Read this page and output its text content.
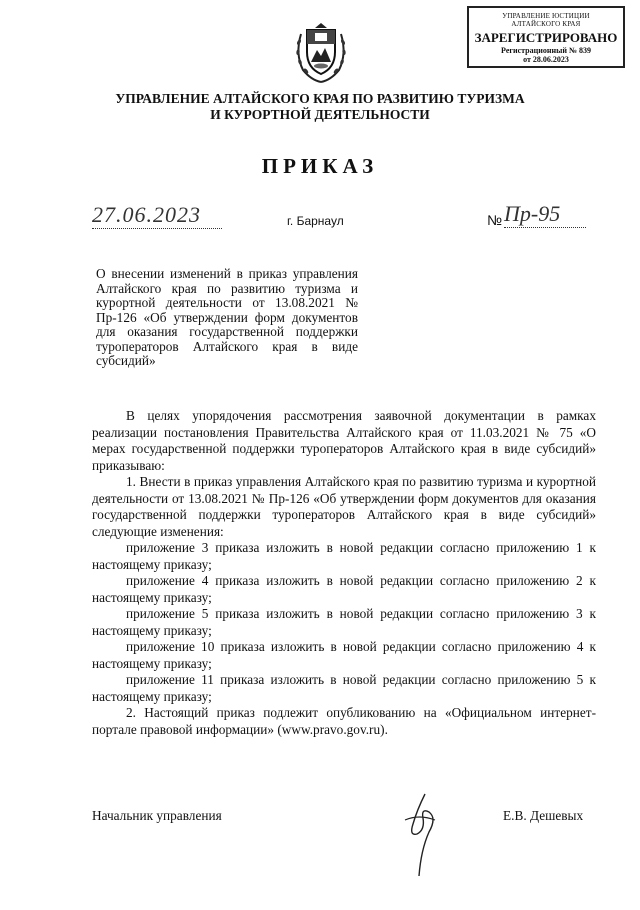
УПРАВЛЕНИЕ ЮСТИЦИИ
АЛТАЙСКОГО КРАЯ
ЗАРЕГИСТРИРОВАНО
Регистрационный № 839
от 28.06.2023
УПРАВЛЕНИЕ АЛТАЙСКОГО КРАЯ ПО РАЗВИТИЮ ТУРИЗМА И КУРОРТНОЙ ДЕЯТЕЛЬНОСТИ
ПРИКАЗ
27.06.2023	г. Барнаул	№ Пр-95
О внесении изменений в приказ управления Алтайского края по развитию туризма и курортной деятельности от 13.08.2021 № Пр-126 «Об утверждении форм документов для оказания государственной поддержки туроператоров Алтайского края в виде субсидий»

В целях упорядочения рассмотрения заявочной документации в рамках реализации постановления Правительства Алтайского края от 11.03.2021 № 75 «О мерах государственной поддержки туроператоров Алтайского края в виде субсидий» приказываю:

1. Внести в приказ управления Алтайского края по развитию туризма и курортной деятельности от 13.08.2021 № Пр-126 «Об утверждении форм документов для оказания государственной поддержки туроператоров Алтайского края в виде субсидий» следующие изменения:

приложение 3 приказа изложить в новой редакции согласно приложению 1 к настоящему приказу;

приложение 4 приказа изложить в новой редакции согласно приложению 2 к настоящему приказу;

приложение 5 приказа изложить в новой редакции согласно приложению 3 к настоящему приказу;

приложение 10 приказа изложить в новой редакции согласно приложению 4 к настоящему приказу;

приложение 11 приказа изложить в новой редакции согласно приложению 5 к настоящему приказу;

2. Настоящий приказ подлежит опубликованию на «Официальном интернет-портале правовой информации» (www.pravo.gov.ru).

Начальник управления	Е.В. Дешевых
